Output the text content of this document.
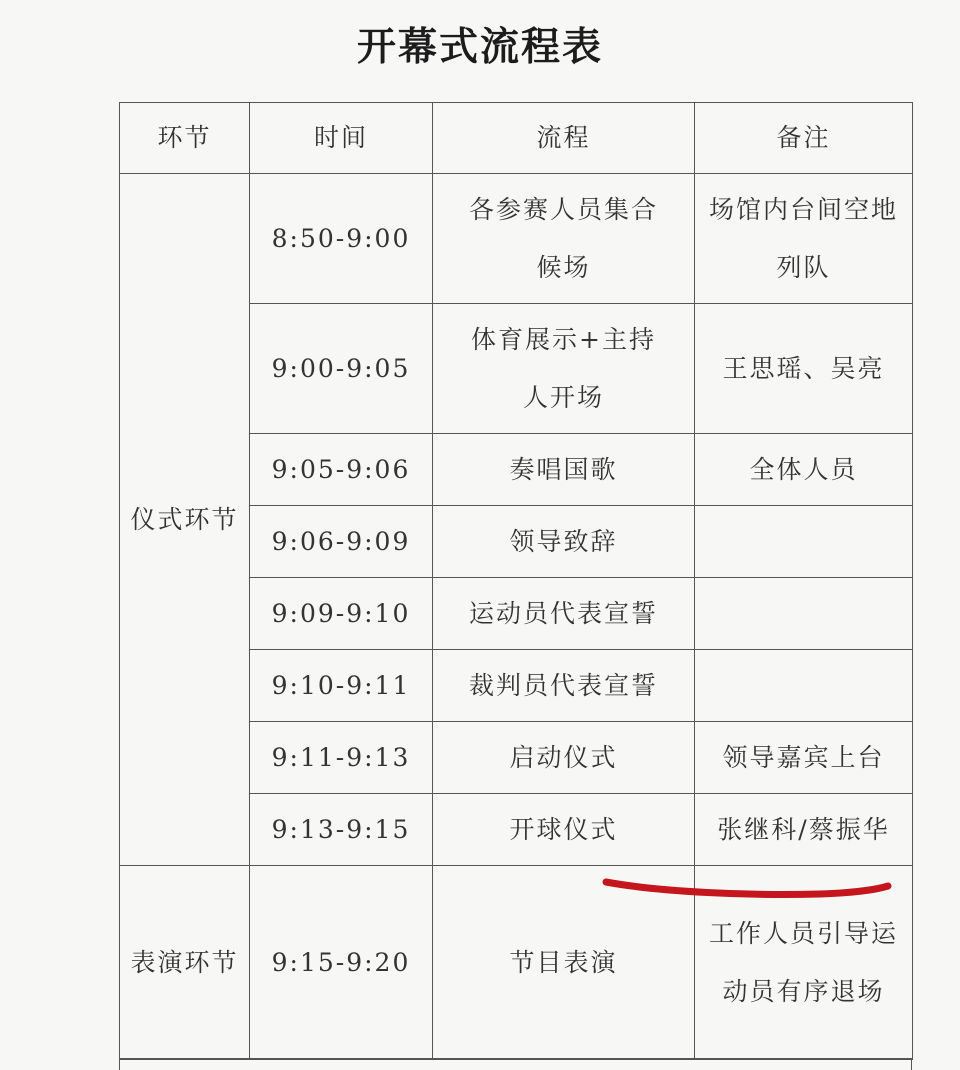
开幕式流程表
环节	时间	流程	备注
仪式环节	8:50-9:00	各参赛人员集合候场	场馆内台间空地列队
	9:00-9:05	体育展示+主持人开场	王思瑶、吴亮
	9:05-9:06	奏唱国歌	全体人员
	9:06-9:09	领导致辞	
	9:09-9:10	运动员代表宣誓	
	9:10-9:11	裁判员代表宣誓	
	9:11-9:13	启动仪式	领导嘉宾上台
	9:13-9:15	开球仪式	张继科/蔡振华
表演环节	9:15-9:20	节目表演	工作人员引导运动员有序退场
